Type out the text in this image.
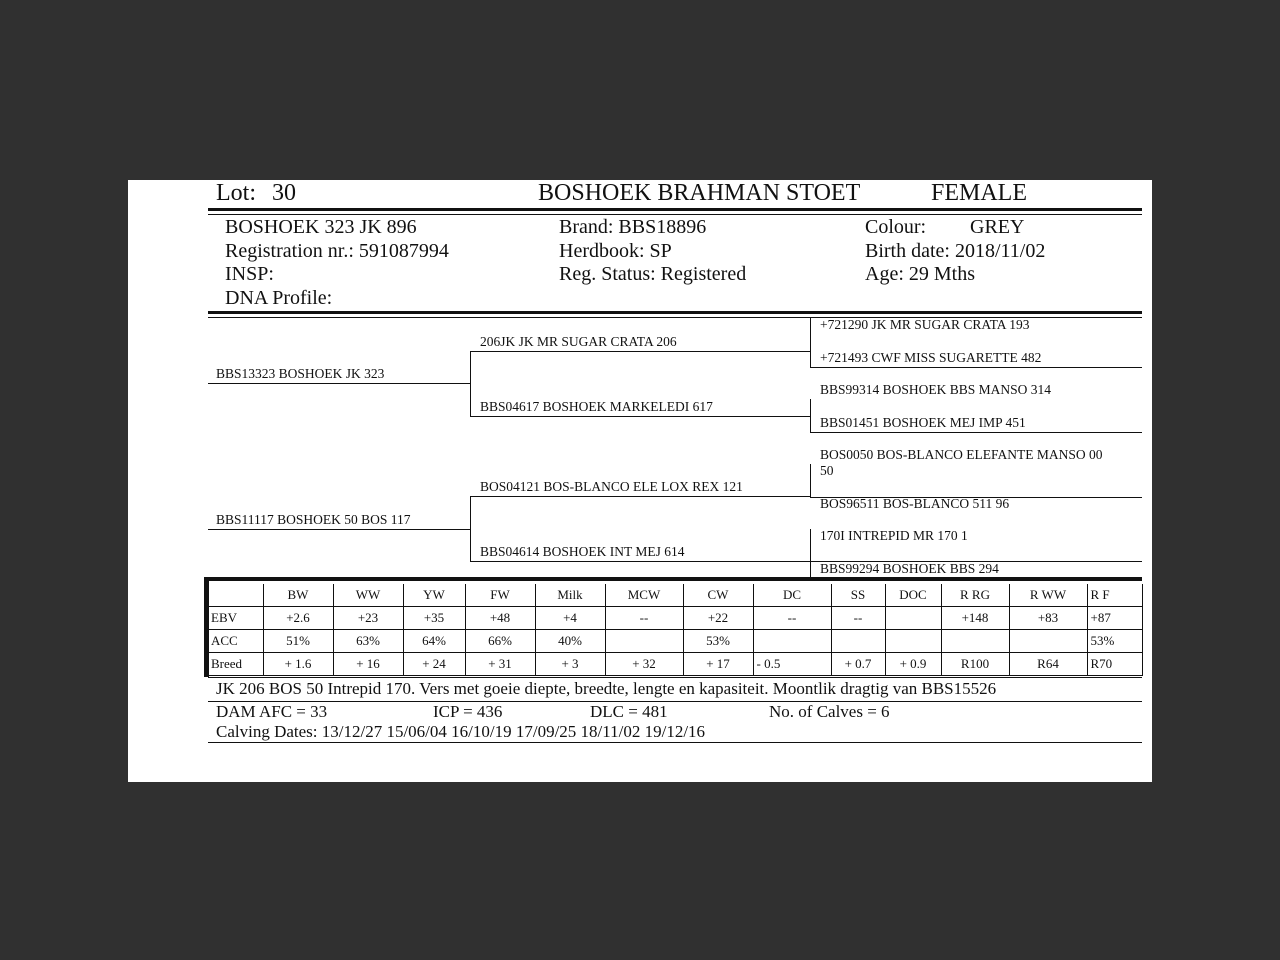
Lot: 30	BOSHOEK BRAHMAN STOET	FEMALE
BOSHOEK 323 JK 896
Registration nr.: 591087994
INSP:
DNA Profile:
Brand: BBS18896
Herdbook: SP
Reg. Status: Registered
Colour: GREY
Birth date: 2018/11/02
Age: 29 Mths
BBS13323 BOSHOEK JK 323
BBS11117 BOSHOEK 50 BOS 117
206JK JK MR SUGAR CRATA 206
BBS04617 BOSHOEK MARKELEDI 617
BOS04121 BOS-BLANCO ELE LOX REX 121
BBS04614 BOSHOEK INT MEJ 614
+721290 JK MR SUGAR CRATA 193
+721493 CWF MISS SUGARETTE 482
BBS99314 BOSHOEK BBS MANSO 314
BBS01451 BOSHOEK MEJ IMP 451
BOS0050 BOS-BLANCO ELEFANTE MANSO 00
50
BOS96511 BOS-BLANCO 511 96
170I INTREPID MR 170 1
BBS99294 BOSHOEK BBS 294
	BW	WW	YW	FW	Milk	MCW	CW	DC	SS	DOC	R RG	R WW	R F
EBV	+2.6	+23	+35	+48	+4	--	+22	--	--		+148	+83	+87
ACC	51%	63%	64%	66%	40%		53%						53%
Breed	+ 1.6	+ 16	+ 24	+ 31	+ 3	+ 32	+ 17	- 0.5	+ 0.7	+ 0.9	R100	R64	R70
JK 206 BOS 50 Intrepid 170. Vers met goeie diepte, breedte, lengte en kapasiteit. Moontlik dragtig van BBS15526
DAM AFC = 33	ICP = 436	DLC = 481	No. of Calves = 6
Calving Dates: 13/12/27 15/06/04 16/10/19 17/09/25 18/11/02 19/12/16
